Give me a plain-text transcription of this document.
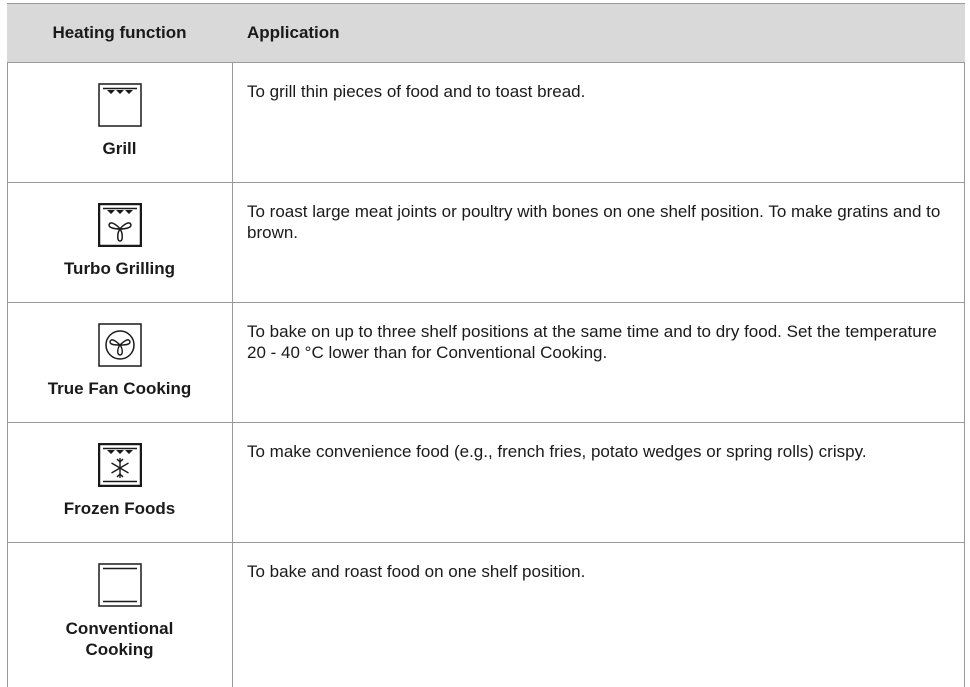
Heating function	Application
Grill
To grill thin pieces of food and to toast bread.
Turbo Grilling
To roast large meat joints or poultry with bones on one shelf position. To make gratins and to brown.
True Fan Cooking
To bake on up to three shelf positions at the same time and to dry food. Set the temperature 20 - 40 °C lower than for Conventional Cooking.
Frozen Foods
To make convenience food (e.g., french fries, potato wedges or spring rolls) crispy.
Conventional Cooking
To bake and roast food on one shelf position.
